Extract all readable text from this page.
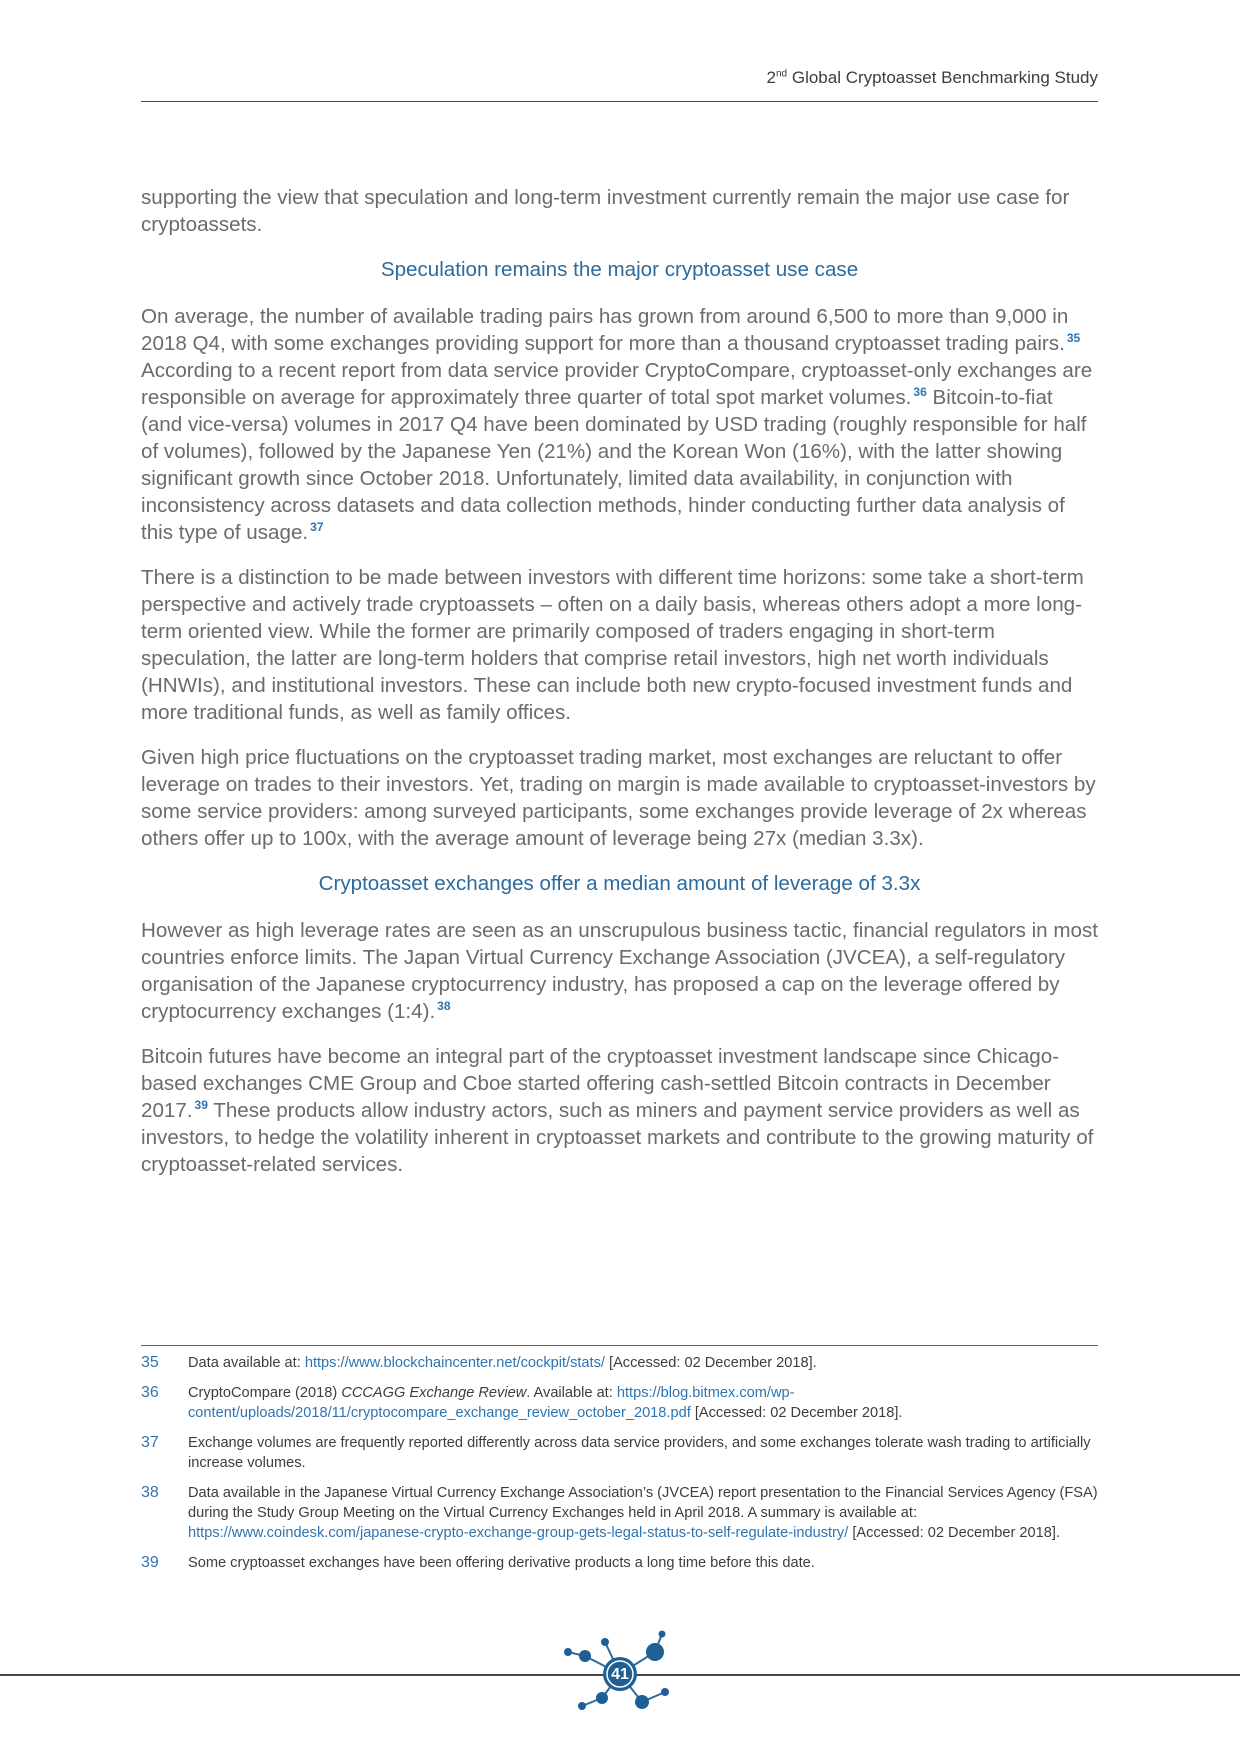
2nd Global Cryptoasset Benchmarking Study

supporting the view that speculation and long-term investment currently remain the major use case for cryptoassets.

Speculation remains the major cryptoasset use case

On average, the number of available trading pairs has grown from around 6,500 to more than 9,000 in 2018 Q4, with some exchanges providing support for more than a thousand cryptoasset trading pairs. $^{35}$ According to a recent report from data service provider CryptoCompare, cryptoasset-only exchanges are responsible on average for approximately three quarter of total spot market volumes. $^{36}$ Bitcoin-to-fiat (and vice-versa) volumes in 2017 Q4 have been dominated by USD trading (roughly responsible for half of volumes), followed by the Japanese Yen (21%) and the Korean Won (16%), with the latter showing significant growth since October 2018. Unfortunately, limited data availability, in conjunction with inconsistency across datasets and data collection methods, hinder conducting further data analysis of this type of usage. $^{37}$

There is a distinction to be made between investors with different time horizons: some take a short-term perspective and actively trade cryptoassets – often on a daily basis, whereas others adopt a more long-term oriented view. While the former are primarily composed of traders engaging in short-term speculation, the latter are long-term holders that comprise retail investors, high net worth individuals (HNWIs), and institutional investors. These can include both new crypto-focused investment funds and more traditional funds, as well as family offices.

Given high price fluctuations on the cryptoasset trading market, most exchanges are reluctant to offer leverage on trades to their investors. Yet, trading on margin is made available to cryptoasset-investors by some service providers: among surveyed participants, some exchanges provide leverage of 2x whereas others offer up to 100x, with the average amount of leverage being 27x (median 3.3x).

Cryptoasset exchanges offer a median amount of leverage of 3.3x

However as high leverage rates are seen as an unscrupulous business tactic, financial regulators in most countries enforce limits. The Japan Virtual Currency Exchange Association (JVCEA), a self-regulatory organisation of the Japanese cryptocurrency industry, has proposed a cap on the leverage offered by cryptocurrency exchanges (1:4). $^{38}$

Bitcoin futures have become an integral part of the cryptoasset investment landscape since Chicago-based exchanges CME Group and Cboe started offering cash-settled Bitcoin contracts in December 2017. $^{39}$ These products allow industry actors, such as miners and payment service providers as well as investors, to hedge the volatility inherent in cryptoasset markets and contribute to the growing maturity of cryptoasset-related services.

35	Data available at: https://www.blockchaincenter.net/cockpit/stats/ [Accessed: 02 December 2018].
36	CryptoCompare (2018) CCCAGG Exchange Review. Available at: https://blog.bitmex.com/wp-content/uploads/2018/11/cryptocompare_exchange_review_october_2018.pdf [Accessed: 02 December 2018].
37	Exchange volumes are frequently reported differently across data service providers, and some exchanges tolerate wash trading to artificially increase volumes.
38	Data available in the Japanese Virtual Currency Exchange Association’s (JVCEA) report presentation to the Financial Services Agency (FSA) during the Study Group Meeting on the Virtual Currency Exchanges held in April 2018. A summary is available at: https://www.coindesk.com/japanese-crypto-exchange-group-gets-legal-status-to-self-regulate-industry/ [Accessed: 02 December 2018].
39	Some cryptoasset exchanges have been offering derivative products a long time before this date.
41
